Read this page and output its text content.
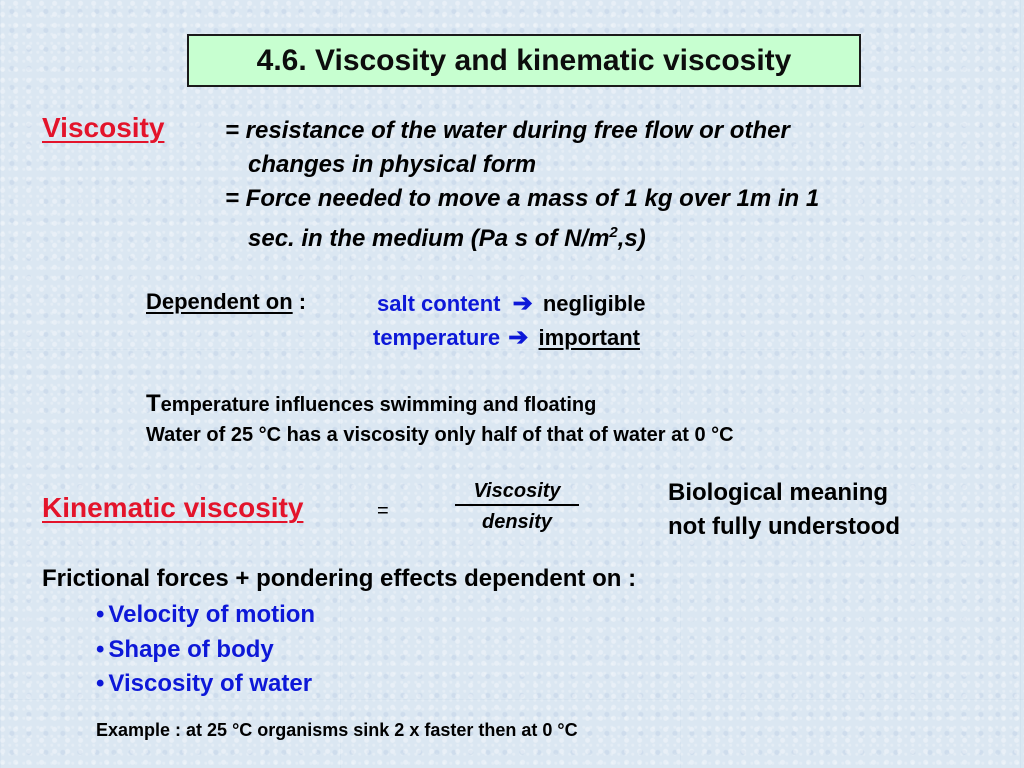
4.6. Viscosity and kinematic viscosity
Viscosity	= resistance of the water during free flow or other
changes in physical form
= Force needed to move a mass of 1 kg over 1m in 1
sec. in the medium (Pa s of $N/m^2,s$)
Dependent on :	salt content ➔ negligible
temperature ➔ important
Temperature influences swimming and floating
Water of 25 °C has a viscosity only half of that of water at 0 °C
Kinematic viscosity	=
Viscosity
density
Biological meaning
not fully understood
Frictional forces + pondering effects dependent on :
• Velocity of motion
• Shape of body
• Viscosity of water
Example : at 25 °C organisms sink 2 x faster then at 0 °C
